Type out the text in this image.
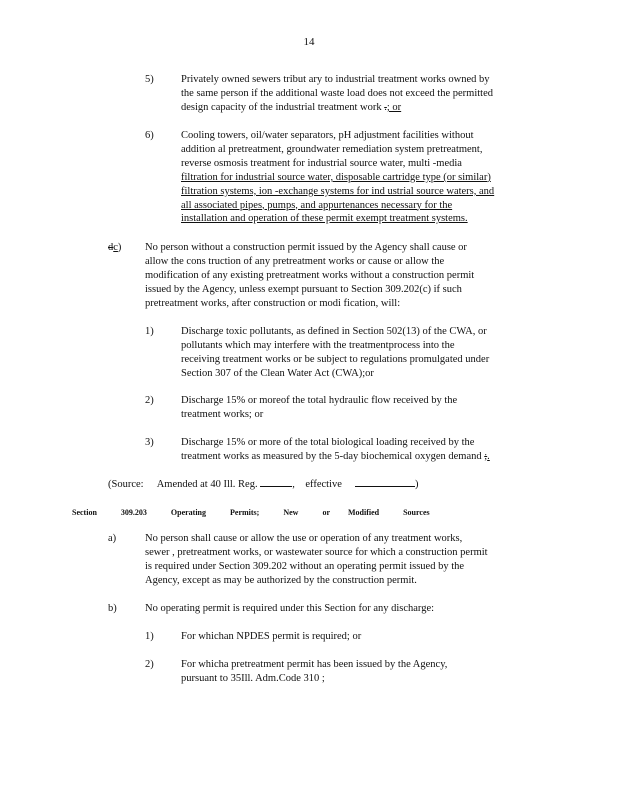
14
5)	Privately owned sewers tribut ary to industrial treatment works owned by
the same person if the additional waste load does not exceed the permitted
design capacity of the industrial treatment work .; or
6)	Cooling towers, oil/water separators, pH adjustment facilities without
addition al pretreatment, groundwater remediation system pretreatment,
reverse osmosis treatment for industrial source water, multi -media
filtration for industrial source water, disposable cartridge type (or similar)
filtration systems, ion -exchange systems for ind ustrial source waters, and
all associated pipes, pumps, and appurtenances necessary for the
installation and operation of these permit exempt treatment systems.
dc) No person without a construction permit issued by the Agency shall cause or
allow the cons truction of any pretreatment works or cause or allow the
modification of any existing pretreatment works without a construction permit
issued by the Agency, unless exempt pursuant to Section 309.202(c) if such
pretreatment works, after construction or modi fication, will:
1)	Discharge toxic pollutants, as defined in Section 502(13) of the CWA, or
pollutants which may interfere with the treatmentprocess into the
receiving treatment works or be subject to regulations promulgated under
Section 307 of the Clean Water Act (CWA);or
2)	Discharge 15% or moreof the total hydraulic flow received by the
treatment works; or
3)	Discharge 15% or more of the total biological loading received by the
treatment works as measured by the 5-day biochemical oxygen demand ;.
(Source: Amended at 40 Ill. Reg.	, effective	)
Section	309.203	Operating	Permits;	New	or Modified	Sources
a)	No person shall cause or allow the use or operation of any treatment works,
sewer , pretreatment works, or wastewater source for which a construction permit
is required under Section 309.202 without an operating permit issued by the
Agency, except as may be authorized by the construction permit.
b)	No operating permit is required under this Section for any discharge:
1)	For whichan NPDES permit is required; or
2)	For whicha pretreatment permit has been issued by the Agency,
pursuant to 35Ill. Adm.Code 310 ;
